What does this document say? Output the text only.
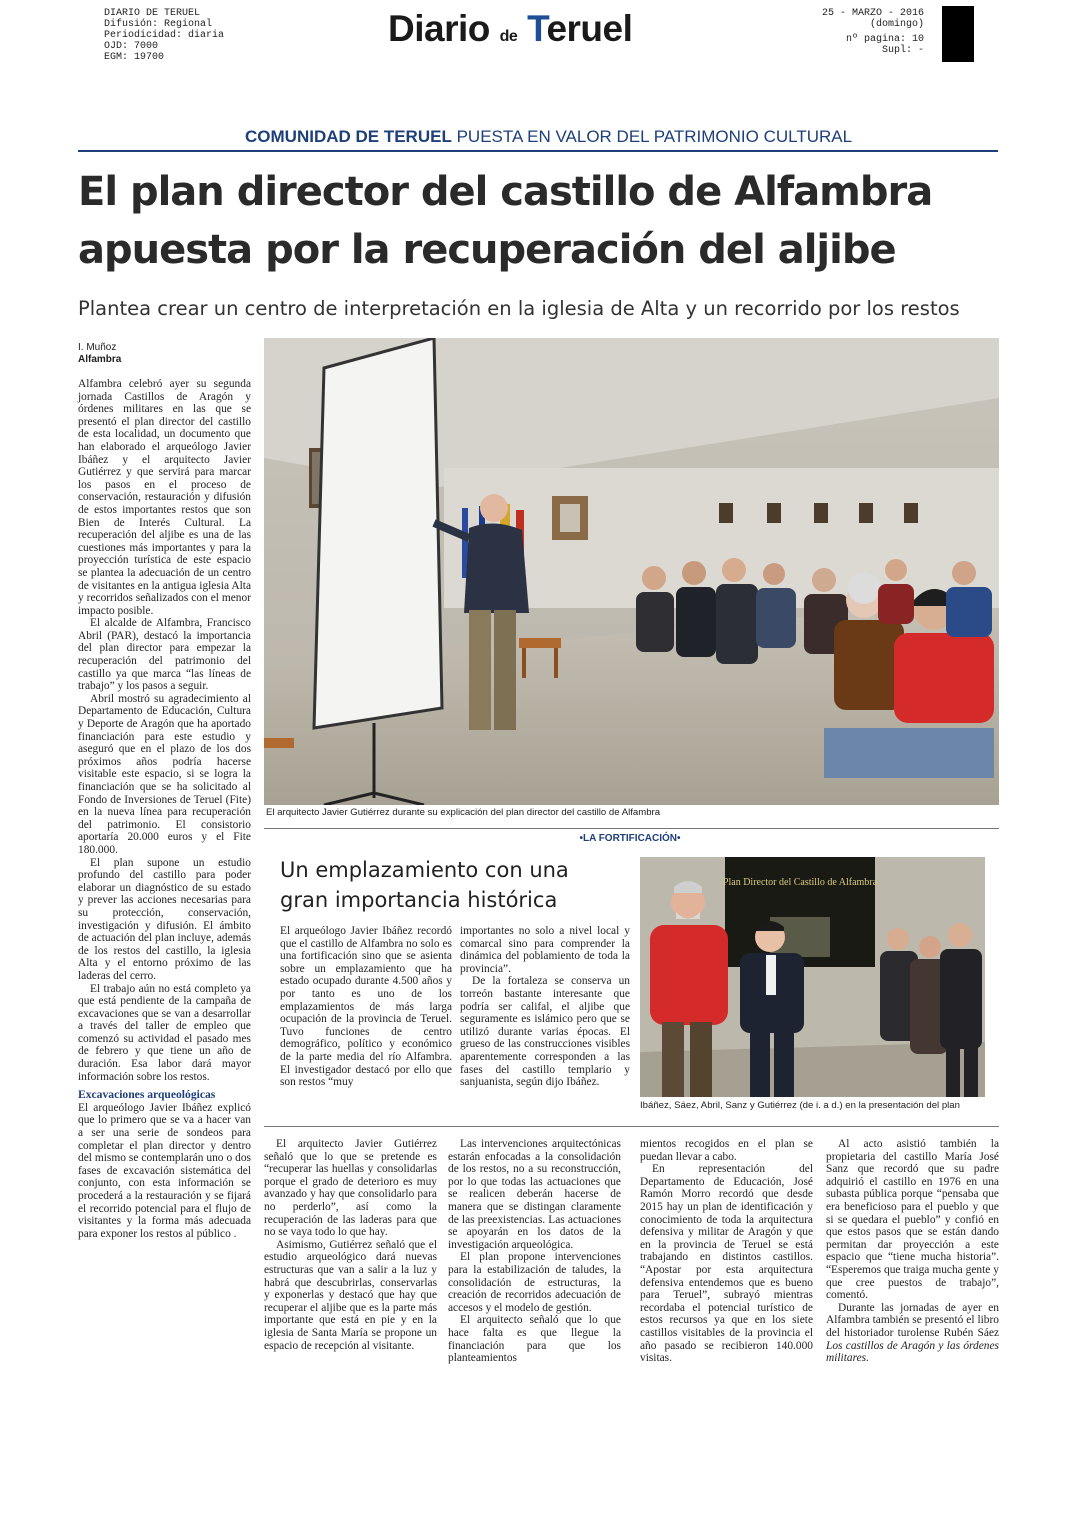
DIARIO DE TERUEL
Difusión: Regional
Periodicidad: diaria
OJD: 7000
EGM: 19700
Diario de Teruel	25 - MARZO - 2016
(domingo)
nº pagina: 10
Supl: -
COMUNIDAD DE TERUEL PUESTA EN VALOR DEL PATRIMONIO CULTURAL
El plan director del castillo de Alfambra
apuesta por la recuperación del aljibe
Plantea crear un centro de interpretación en la iglesia de Alta y un recorrido por los restos
I. Muñoz
Alfambra

Alfambra celebró ayer su segunda jornada Castillos de Aragón y órdenes militares en las que se presentó el plan director del castillo de esta localidad, un documento que han elaborado el arqueólogo Javier Ibáñez y el arquitecto Javier Gutiérrez y que servirá para marcar los pasos en el proceso de conservación, restauración y difusión de estos importantes restos que son Bien de Interés Cultural. La recuperación del aljibe es una de las cuestiones más importantes y para la proyección turística de este espacio se plantea la adecuación de un centro de visitantes en la antigua iglesia Alta y recorridos señalizados con el menor impacto posible.

El alcalde de Alfambra, Francisco Abril (PAR), destacó la importancia del plan director para empezar la recuperación del patrimonio del castillo ya que marca “las líneas de trabajo” y los pasos a seguir.

Abril mostró su agradecimiento al Departamento de Educación, Cultura y Deporte de Aragón que ha aportado financiación para este estudio y aseguró que en el plazo de los dos próximos años podría hacerse visitable este espacio, si se logra la financiación que se ha solicitado al Fondo de Inversiones de Teruel (Fite) en la nueva línea para recuperación del patrimonio. El consistorio aportaría 20.000 euros y el Fite 180.000.

El plan supone un estudio profundo del castillo para poder elaborar un diagnóstico de su estado y prever las acciones necesarias para su protección, conservación, investigación y difusión. El ámbito de actuación del plan incluye, además de los restos del castillo, la iglesia Alta y el entorno próximo de las laderas del cerro.

El trabajo aún no está completo ya que está pendiente de la campaña de excavaciones que se van a desarrollar a través del taller de empleo que comenzó su actividad el pasado mes de febrero y que tiene un año de duración. Esa labor dará mayor información sobre los restos.

Excavaciones arqueológicas

El arqueólogo Javier Ibáñez explicó que lo primero que se va a hacer van a ser una serie de sondeos para completar el plan director y dentro del mismo se contemplarán uno o dos fases de excavación sistemática del conjunto, con esta información se procederá a la restauración y se fijará el recorrido potencial para el flujo de visitantes y la forma más adecuada para exponer los restos al público .

El arquitecto Javier Gutiérrez durante su explicación del plan director del castillo de Alfambra
•LA FORTIFICACIÓN•
Un emplazamiento con una gran importancia histórica

El arqueólogo Javier Ibáñez recordó que el castillo de Alfambra no solo es una fortificación sino que se asienta sobre un emplazamiento que ha estado ocupado durante 4.500 años y por tanto es uno de los emplazamientos de más larga ocupación de la provincia de Teruel. Tuvo funciones de centro demográfico, político y económico de la parte media del río Alfambra. El investigador destacó por ello que son restos “muy

importantes no solo a nivel local y comarcal sino para comprender la dinámica del poblamiento de toda la provincia”.

De la fortaleza se conserva un torreón bastante interesante que podría ser califal, el aljibe que seguramente es islámico pero que se utilizó durante varias épocas. El grueso de las construcciones visibles aparentemente corresponden a las fases del castillo templario y sanjuanista, según dijo Ibáñez.

Plan Director del Castillo de Alfambra
Ibáñez, Sáez, Abril, Sanz y Gutiérrez (de i. a d.) en la presentación del plan

El arquitecto Javier Gutiérrez señaló que lo que se pretende es “recuperar las huellas y consolidarlas porque el grado de deterioro es muy avanzado y hay que consolidarlo para no perderlo”, así como la recuperación de las laderas para que no se vaya todo lo que hay.

Asimismo, Gutiérrez señaló que el estudio arqueológico dará nuevas estructuras que van a salir a la luz y habrá que descubrirlas, conservarlas y exponerlas y destacó que hay que recuperar el aljibe que es la parte más importante que está en pie y en la iglesia de Santa María se propone un espacio de recepción al visitante.

Las intervenciones arquitectónicas estarán enfocadas a la consolidación de los restos, no a su reconstrucción, por lo que todas las actuaciones que se realicen deberán hacerse de manera que se distingan claramente de las preexistencias. Las actuaciones se apoyarán en los datos de la investigación arqueológica.

El plan propone intervenciones para la estabilización de taludes, la consolidación de estructuras, la creación de recorridos adecuación de accesos y el modelo de gestión.

El arquitecto señaló que lo que hace falta es que llegue la financiación para que los planteamientos

mientos recogidos en el plan se puedan llevar a cabo.

En representación del Departamento de Educación, José Ramón Morro recordó que desde 2015 hay un plan de identificación y conocimiento de toda la arquitectura defensiva y militar de Aragón y que en la provincia de Teruel se está trabajando en distintos castillos. “Apostar por esta arquitectura defensiva entendemos que es bueno para Teruel”, subrayó mientras recordaba el potencial turístico de estos recursos ya que en los siete castillos visitables de la provincia el año pasado se recibieron 140.000 visitas.

Al acto asistió también la propietaria del castillo María José Sanz que recordó que su padre adquirió el castillo en 1976 en una subasta pública porque “pensaba que era beneficioso para el pueblo y que si se quedara el pueblo” y confió en que estos pasos que se están dando permitan dar proyección a este espacio que “tiene mucha historia”. “Esperemos que traiga mucha gente y que cree puestos de trabajo”, comentó.

Durante las jornadas de ayer en Alfambra también se presentó el libro del historiador turolense Rubén Sáez Los castillos de Aragón y las órdenes militares.
